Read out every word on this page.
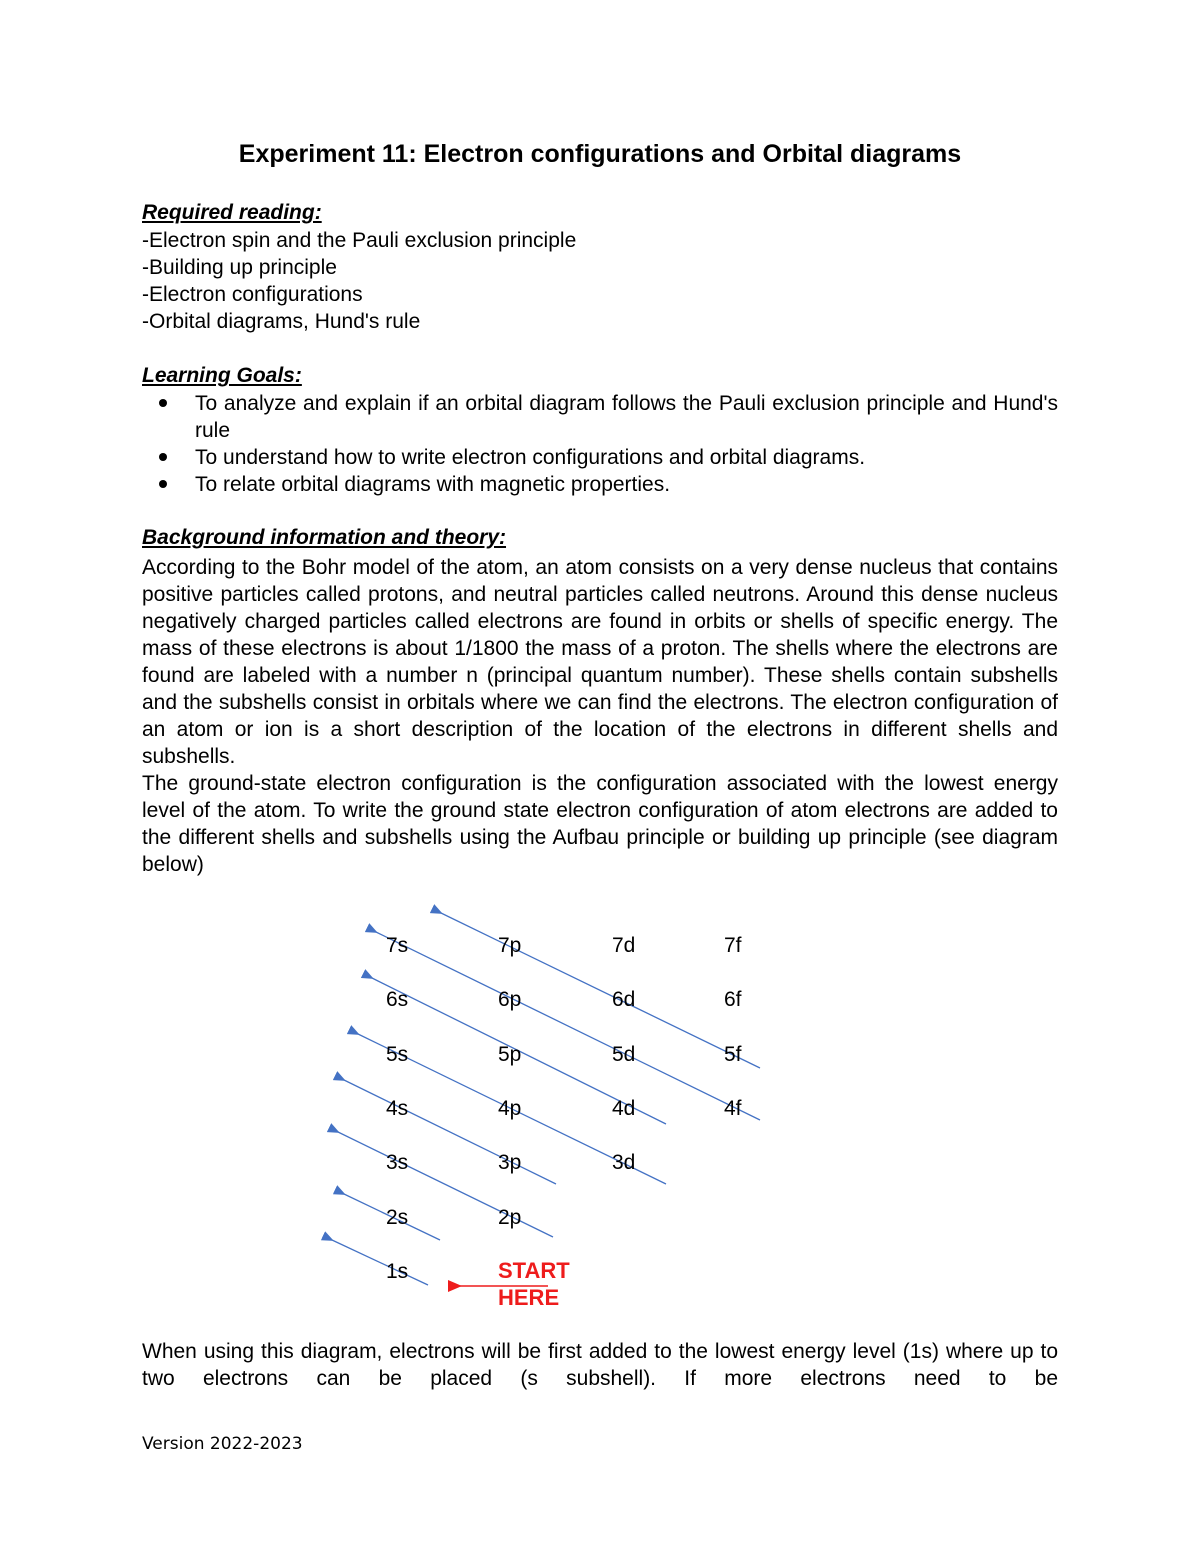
Experiment 11: Electron configurations and Orbital diagrams
Required reading:
-Electron spin and the Pauli exclusion principle
-Building up principle
-Electron configurations
-Orbital diagrams, Hund's rule
Learning Goals:
To analyze and explain if an orbital diagram follows the Pauli exclusion principle and Hund's rule
To understand how to write electron configurations and orbital diagrams.
To relate orbital diagrams with magnetic properties.
Background information and theory:

According to the Bohr model of the atom, an atom consists on a very dense nucleus that contains positive particles called protons, and neutral particles called neutrons. Around this dense nucleus negatively charged particles called electrons are found in orbits or shells of specific energy. The mass of these electrons is about 1/1800 the mass of a proton. The shells where the electrons are found are labeled with a number n (principal quantum number). These shells contain subshells and the subshells consist in orbitals where we can find the electrons. The electron configuration of an atom or ion is a short description of the location of the electrons in different shells and subshells.

The ground-state electron configuration is the configuration associated with the lowest energy level of the atom. To write the ground state electron configuration of atom electrons are added to the different shells and subshells using the Aufbau principle or building up principle (see diagram below)

7s	7p	7d	7f
6s	6p	6d	6f
5s	5p	5d	5f
4s	4p	4d	4f
3s	3p	3d
2s	2p
1s	START
HERE

When using this diagram, electrons will be first added to the lowest energy level (1s) where up to two electrons can be placed (s subshell). If more electrons need to be

Version 2022-2023
